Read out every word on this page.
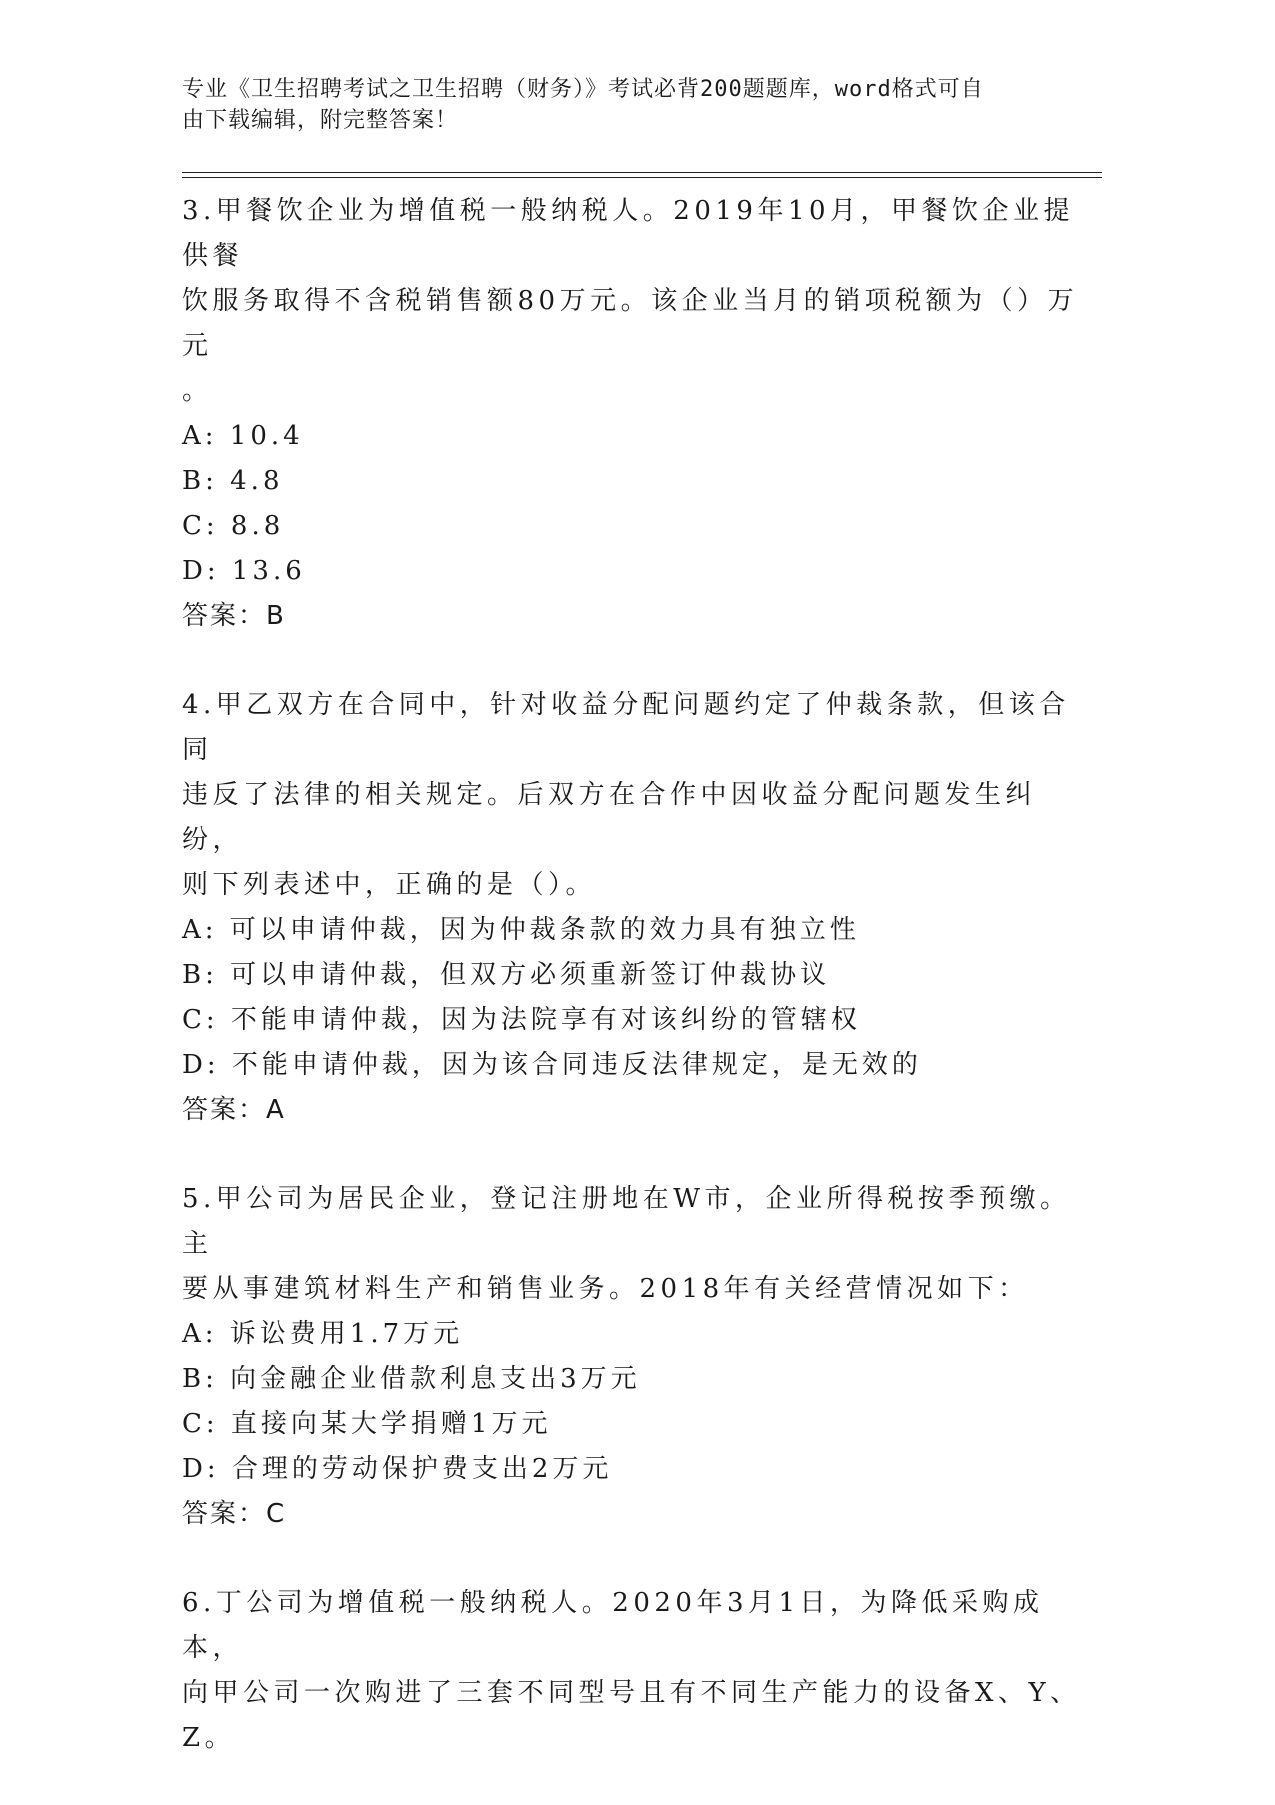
专业《卫生招聘考试之卫生招聘（财务）》考试必背200题题库，word格式可自
由下载编辑，附完整答案！

3.甲餐饮企业为增值税一般纳税人。2019年10月，甲餐饮企业提供餐

饮服务取得不含税销售额80万元。该企业当月的销项税额为（）万元

。

A: 10.4

B: 4.8

C: 8.8

D: 13.6

答案：B

4.甲乙双方在合同中，针对收益分配问题约定了仲裁条款，但该合同

违反了法律的相关规定。后双方在合作中因收益分配问题发生纠纷，

则下列表述中，正确的是（）。

A: 可以申请仲裁，因为仲裁条款的效力具有独立性

B: 可以申请仲裁，但双方必须重新签订仲裁协议

C: 不能申请仲裁，因为法院享有对该纠纷的管辖权

D: 不能申请仲裁，因为该合同违反法律规定，是无效的

答案：A

5.甲公司为居民企业，登记注册地在W市，企业所得税按季预缴。主

要从事建筑材料生产和销售业务。2018年有关经营情况如下：

A: 诉讼费用1.7万元

B: 向金融企业借款利息支出3万元

C: 直接向某大学捐赠1万元

D: 合理的劳动保护费支出2万元

答案：C

6.丁公司为增值税一般纳税人。2020年3月1日，为降低采购成本，

向甲公司一次购进了三套不同型号且有不同生产能力的设备X、Y、Z。
